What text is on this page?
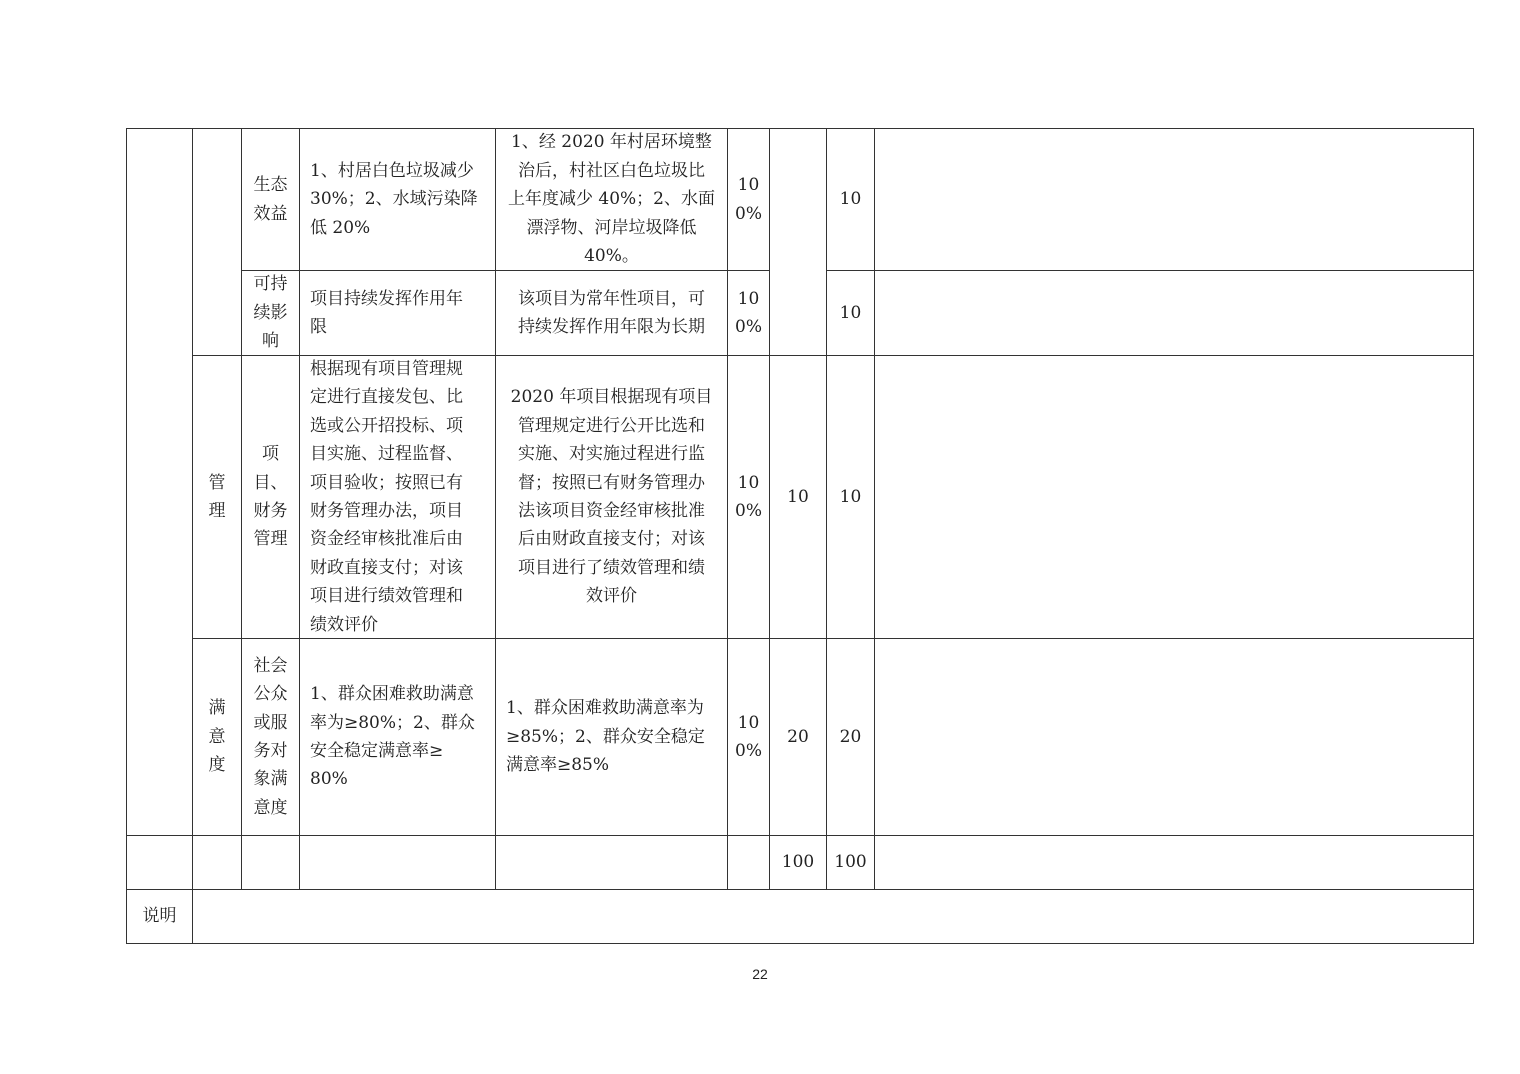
生态
效益
1、村居白色垃圾减少
30%；2、水域污染降
低 20%
1、经 2020 年村居环境整
治后，村社区白色垃圾比
上年度减少 40%；2、水面
漂浮物、河岸垃圾降低
40%。
10
0%
10
可持
续影
响
项目持续发挥作用年
限
该项目为常年性项目，可
持续发挥作用年限为长期
10
0%
10
管
理
项
目、
财务
管理
根据现有项目管理规
定进行直接发包、比
选或公开招投标、项
目实施、过程监督、
项目验收；按照已有
财务管理办法，项目
资金经审核批准后由
财政直接支付；对该
项目进行绩效管理和
绩效评价
2020 年项目根据现有项目
管理规定进行公开比选和
实施、对实施过程进行监
督；按照已有财务管理办
法该项目资金经审核批准
后由财政直接支付；对该
项目进行了绩效管理和绩
效评价
10
0%
10 10
满
意
度
社会
公众
或服
务对
象满
意度
1、群众困难救助满意
率为≥80%；2、群众
安全稳定满意率≥
80%
1、群众困难救助满意率为
≥85%；2、群众安全稳定
满意率≥85%
10
0%
20 20
100 100
说明
22
